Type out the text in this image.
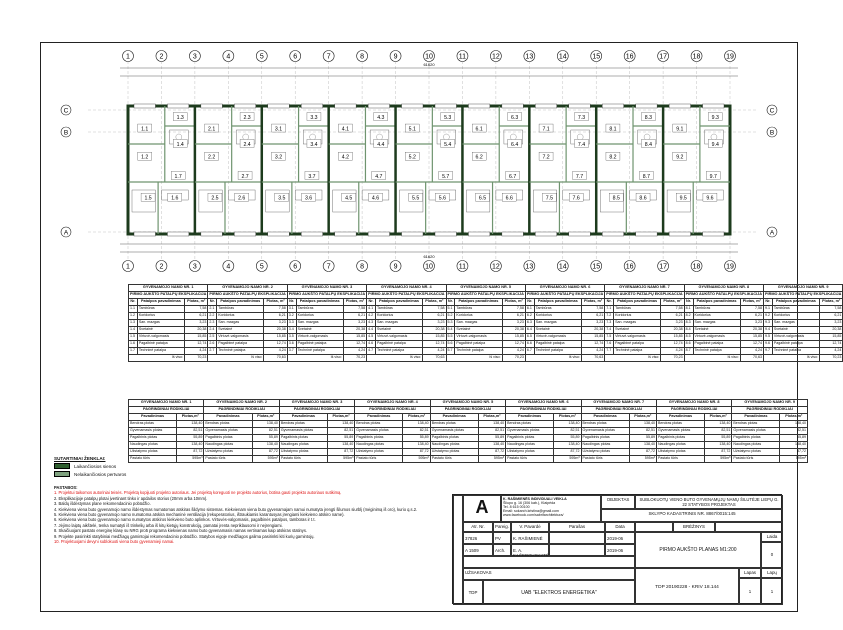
1	2	3	4	5	6	7	8	9	10	11	12	13	14	15	16	17	18	19
1	2	3	4	5	6	7	8	9	10	11	12	13	14	15	16	17	18	19
A	A
B	B
C	C
61620
61620
1.1
1.2
1.3
1.4
1.5	1.6
1.7
2.1
2.2
2.3
2.4
2.5	2.6
2.7
3.1
3.2
3.3
3.4
3.5	3.6
3.7
4.1
4.2
4.3
4.4
4.5	4.6
4.7
5.1
5.2
5.3
5.4
5.5	5.6
5.7
6.1
6.2
6.3
6.4
6.5	6.6
6.7
7.1
7.2
7.3
7.4
7.5	7.6
7.7
8.1
8.2
8.3
8.4
8.5	8.6
8.7
9.1
9.2
9.3
9.4
9.5	9.6
9.7
GYVENAMOJO NAMO NR. 1			GYVENAMOJO NAMO NR. 2			GYVENAMOJO NAMO NR. 3			GYVENAMOJO NAMO NR. 4			GYVENAMOJO NAMO NR. 5			GYVENAMOJO NAMO NR. 6			GYVENAMOJO NAMO NR. 7			GYVENAMOJO NAMO NR. 8			GYVENAMOJO NAMO NR. 9		
PIRMO AUKŠTO PATALPŲ EKSPLIKACIJA			PIRMO AUKŠTO PATALPŲ EKSPLIKACIJA			PIRMO AUKŠTO PATALPŲ EKSPLIKACIJA			PIRMO AUKŠTO PATALPŲ EKSPLIKACIJA			PIRMO AUKŠTO PATALPŲ EKSPLIKACIJA			PIRMO AUKŠTO PATALPŲ EKSPLIKACIJA			PIRMO AUKŠTO PATALPŲ EKSPLIKACIJA			PIRMO AUKŠTO PATALPŲ EKSPLIKACIJA			PIRMO AUKŠTO PATALPŲ EKSPLIKACIJA		
Nr.	Patalpos pavadinimas	Plotas, m²	Nr.	Patalpos pavadinimas	Plotas, m²	Nr.	Patalpos pavadinimas	Plotas, m²	Nr.	Patalpos pavadinimas	Plotas, m²	Nr.	Patalpos pavadinimas	Plotas, m²	Nr.	Patalpos pavadinimas	Plotas, m²	Nr.	Patalpos pavadinimas	Plotas, m²	Nr.	Patalpos pavadinimas	Plotas, m²	Nr.	Patalpos pavadinimas	Plotas, m²
1.1	Tambūras	7,58	2.1	Tambūras	7,58	3.1	Tambūras	7,58	4.1	Tambūras	7,58	5.1	Tambūras	7,58	6.1	Tambūras	7,58	7.1	Tambūras	7,58	8.1	Tambūras	7,58	9.1	Tambūras	7,58
1.2	Koridorius	6,21	2.2	Koridorius	6,21	3.2	Koridorius	6,21	4.2	Koridorius	6,21	5.2	Koridorius	6,21	6.2	Koridorius	6,21	7.2	Koridorius	6,21	8.2	Koridorius	6,21	9.2	Koridorius	6,21
1.3	San. mazgas	3,23	2.3	San. mazgas	3,23	3.3	San. mazgas	3,23	4.3	San. mazgas	3,23	5.3	San. mazgas	3,23	6.3	San. mazgas	3,23	7.3	San. mazgas	3,23	8.3	San. mazgas	3,23	9.3	San. mazgas	3,23
1.4	Svetainė	20,38	2.4	Svetainė	20,38	3.4	Svetainė	20,38	4.4	Svetainė	20,38	5.4	Svetainė	20,38	6.4	Svetainė	20,38	7.4	Svetainė	20,38	8.4	Svetainė	20,38	9.4	Svetainė	20,38
1.5	Virtuvė-valgomasis	15,85	2.5	Virtuvė-valgomasis	15,85	3.5	Virtuvė-valgomasis	15,85	4.5	Virtuvė-valgomasis	15,85	5.5	Virtuvė-valgomasis	15,85	6.5	Virtuvė-valgomasis	15,85	7.5	Virtuvė-valgomasis	15,85	8.5	Virtuvė-valgomasis	15,85	9.5	Virtuvė-valgomasis	15,85
1.6	Pagalbinė patalpa	12,74	2.6	Pagalbinė patalpa	12,74	3.6	Pagalbinė patalpa	12,74	4.6	Pagalbinė patalpa	12,74	5.6	Pagalbinė patalpa	12,74	6.6	Pagalbinė patalpa	12,74	7.6	Pagalbinė patalpa	12,74	8.6	Pagalbinė patalpa	12,74	9.6	Pagalbinė patalpa	12,74
1.7	Techninė patalpa	4,24	2.7	Techninė patalpa	4,24	3.7	Techninė patalpa	4,24	4.7	Techninė patalpa	4,24	5.7	Techninė patalpa	4,24	6.7	Techninė patalpa	4,24	7.7	Techninė patalpa	4,24	8.7	Techninė patalpa	4,24	9.7	Techninė patalpa	4,24
Iš viso:		70,23	Iš viso:		70,63	Iš viso:		70,23	Iš viso:		70,63	Iš viso:		70,23	Iš viso:		70,63	Iš viso:		70,23	Iš viso:		70,63	Iš viso:		70,23
GYVENAMOJO NAMO NR. 1		GYVENAMOJO NAMO NR. 2		GYVENAMOJO NAMO NR. 3		GYVENAMOJO NAMO NR. 4		GYVENAMOJO NAMO NR. 5		GYVENAMOJO NAMO NR. 6		GYVENAMOJO NAMO NR. 7		GYVENAMOJO NAMO NR. 8		GYVENAMOJO NAMO NR. 9	
PAGRINDINIAI RODIKLIAI		PAGRINDINIAI RODIKLIAI		PAGRINDINIAI RODIKLIAI		PAGRINDINIAI RODIKLIAI		PAGRINDINIAI RODIKLIAI		PAGRINDINIAI RODIKLIAI		PAGRINDINIAI RODIKLIAI		PAGRINDINIAI RODIKLIAI		PAGRINDINIAI RODIKLIAI	
Pavadinimas	Plotas,m²	Pavadinimas	Plotas,m²	Pavadinimas	Plotas,m²	Pavadinimas	Plotas,m²	Pavadinimas	Plotas,m²	Pavadinimas	Plotas,m²	Pavadinimas	Plotas,m²	Pavadinimas	Plotas,m²	Pavadinimas	Plotas,m²
Bendras plotas	138,40	Bendras plotas	138,40	Bendras plotas	138,40	Bendras plotas	138,40	Bendras plotas	138,40	Bendras plotas	138,40	Bendras plotas	138,40	Bendras plotas	138,40	Bendras plotas	138,40
Gyvenamasis plotas	82,51	Gyvenamasis plotas	82,51	Gyvenamasis plotas	82,51	Gyvenamasis plotas	82,51	Gyvenamasis plotas	82,51	Gyvenamasis plotas	82,51	Gyvenamasis plotas	82,51	Gyvenamasis plotas	82,51	Gyvenamasis plotas	82,51
Pagalbinis plotas	55,89	Pagalbinis plotas	55,89	Pagalbinis plotas	55,89	Pagalbinis plotas	55,89	Pagalbinis plotas	55,89	Pagalbinis plotas	55,89	Pagalbinis plotas	55,89	Pagalbinis plotas	55,89	Pagalbinis plotas	55,89
Naudingas plotas	138,40	Naudingas plotas	138,40	Naudingas plotas	138,40	Naudingas plotas	138,40	Naudingas plotas	138,40	Naudingas plotas	138,40	Naudingas plotas	138,40	Naudingas plotas	138,40	Naudingas plotas	138,40
Užstatymo plotas	87,72	Užstatymo plotas	87,72	Užstatymo plotas	87,72	Užstatymo plotas	87,72	Užstatymo plotas	87,72	Užstatymo plotas	87,72	Užstatymo plotas	87,72	Užstatymo plotas	87,72	Užstatymo plotas	87,72
Pastato tūris	595m³	Pastato tūris	595m³	Pastato tūris	595m³	Pastato tūris	595m³	Pastato tūris	595m³	Pastato tūris	595m³	Pastato tūris	595m³	Pastato tūris	595m³	Pastato tūris	595m³
SUTARTINIAI ŽENKLAI:
Laikančiosios sienos
Nelaikančiosios pertvaros
PASTABOS:
1. Projektui taikomos autoriniai teisės. Projektą kopijuoti projekto autoriaus. Jei projektą koreguoti ne projekto autorius, būtina gauti projekto autoriaus sutikimą.
2. Eksplikacijoje patalpų plotai įvertinant tinko ir apdailos storius (20mm arba 10mm).
3. Baldų išdėstymas plane rekomendacinio pobūdžio.
4. Kiekviena viena buto gyvenamojo namo išdėstymas numatomas atskiras šildymo sistemas. Kiekvienam viena buto gyvenamajam namui numatyta įrengti šilumos siurblį (mėginimą iš oro), kurio q.s.2.
5. Kiekviena viena buto gyvenamojo namo numatoma atskira mechaninė ventiliacija (rekuperatorius, ištraukiamis karantusyas įrengiami kiekvieno atskiro name).
6. Kiekviena viena buto gyvenamojo namo numatytos atskiros kiekvieno buto aplinkos. Virtuvės-valgomasis, pagalbinės patalpos, tambūras ir t.t.
7. Jėjimo laiptų aikštelė, tenka numatyti iš trinkelių arba iš kitų kietųjų konstrukcijų, pamatai įrenta nepriklausomi ir nejrengiami.
8. Skaičiuojant pastato energinę klasę su NRG pro5 programa kiekvienas namo buto gyvenamasis namas vertinamas kaip atskiras statinys.
9. Projekte pasirinkti statybiniai medžiagų gamintojai rekomendacinio pobūdžio. Statybos eigoje medžiagos galima pasirinkti kiti kurių gamintojų.
10. Projektuojami devyni sublokuoti viena buto gyvenamieji namai.
A	K. RAŠIMIENĖS INDIVIDUALI VEIKLA
Šliupo g. 16 (306 kab.), Klaipėda
Tel. 8 615 00100
Email: sokarch.kristina@gmail.com
www.facebook.com/sabrifarchitektura/
OBJEKTAS	SUBLOKUOTŲ VIENO BUTO GYVENAMŲJŲ NAMŲ ŠILUTĖJE LIEPŲ G. 22 STATYBOS PROJEKTAS
SKLYPO KADASTRINIS NR. 8867/0015:145
Atr. Nr.	Pareig.	V. Pavardė	Parašas	Data
37826	PV	K. RAŠIMIENĖ	2019-06
A 1509	Arch.	E. A. KAČEROVSKYTĖ
2019-06
BRĖŽINYS
PIRMO AUKŠTO PLANAS M1:200
Laida
0
UŽSAKOVAS
TDP	UAB "ELEKTROS ENERGETIKA"
TDP 20190228 - KRIV 18.144
Lapas	Lapų
1	1
